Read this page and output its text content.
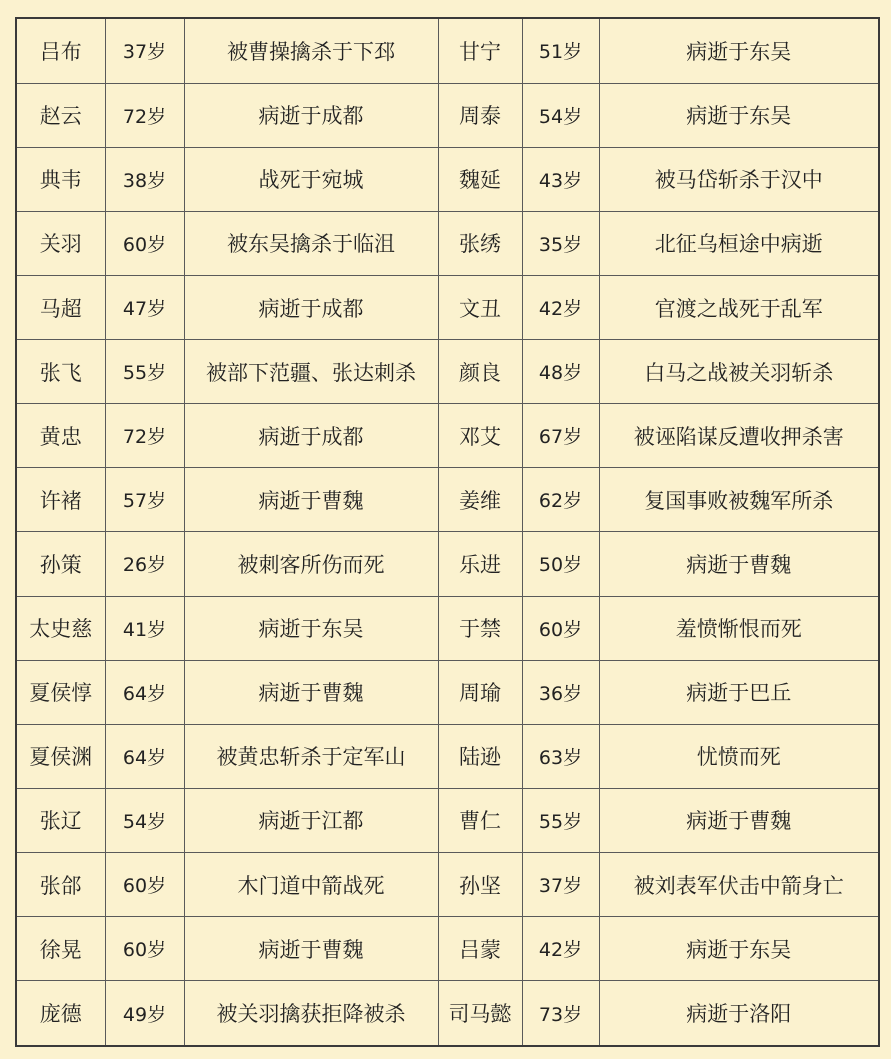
吕布	37岁	被曹操擒杀于下邳	甘宁	51岁	病逝于东吴
赵云	72岁	病逝于成都	周泰	54岁	病逝于东吴
典韦	38岁	战死于宛城	魏延	43岁	被马岱斩杀于汉中
关羽	60岁	被东吴擒杀于临沮	张绣	35岁	北征乌桓途中病逝
马超	47岁	病逝于成都	文丑	42岁	官渡之战死于乱军
张飞	55岁	被部下范疆、张达刺杀	颜良	48岁	白马之战被关羽斩杀
黄忠	72岁	病逝于成都	邓艾	67岁	被诬陷谋反遭收押杀害
许褚	57岁	病逝于曹魏	姜维	62岁	复国事败被魏军所杀
孙策	26岁	被刺客所伤而死	乐进	50岁	病逝于曹魏
太史慈	41岁	病逝于东吴	于禁	60岁	羞愤惭恨而死
夏侯惇	64岁	病逝于曹魏	周瑜	36岁	病逝于巴丘
夏侯渊	64岁	被黄忠斩杀于定军山	陆逊	63岁	忧愤而死
张辽	54岁	病逝于江都	曹仁	55岁	病逝于曹魏
张郃	60岁	木门道中箭战死	孙坚	37岁	被刘表军伏击中箭身亡
徐晃	60岁	病逝于曹魏	吕蒙	42岁	病逝于东吴
庞德	49岁	被关羽擒获拒降被杀	司马懿	73岁	病逝于洛阳
